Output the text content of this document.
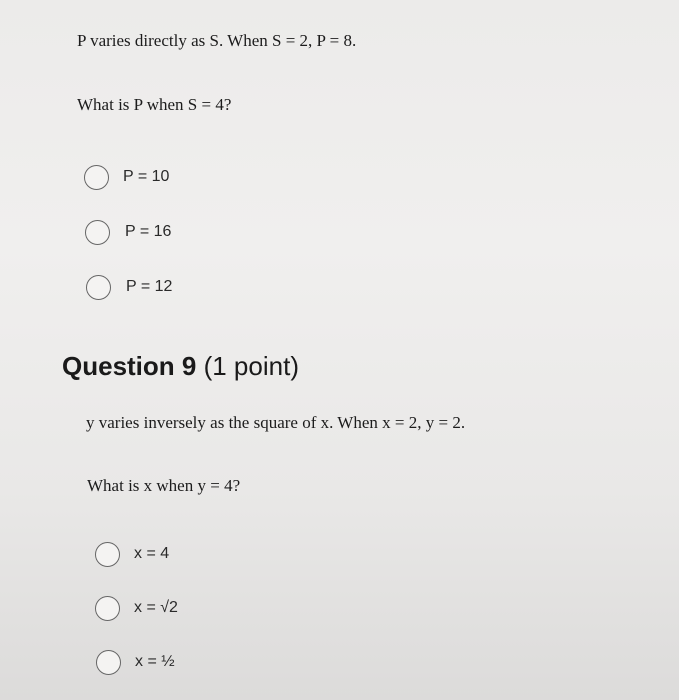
P varies directly as S. When S = 2, P = 8.
What is P when S = 4?
P = 10
P = 16
P = 12
Question 9 (1 point)
y varies inversely as the square of x. When x = 2, y = 2.
What is x when y = 4?
x = 4
x = √2
x = ½
